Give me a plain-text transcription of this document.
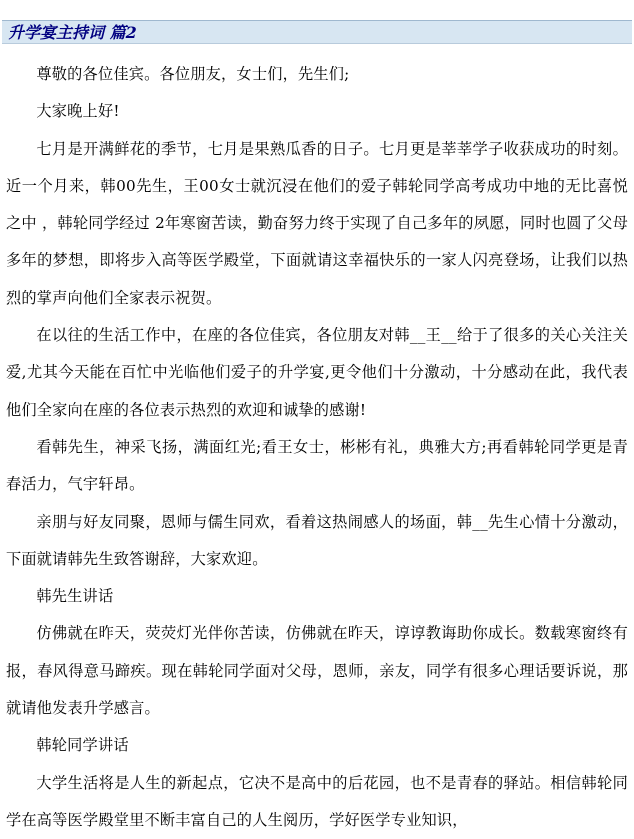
升学宴主持词 篇2

尊敬的各位佳宾。各位朋友，女士们，先生们;

大家晚上好!

七月是开满鲜花的季节，七月是果熟瓜香的日子。七月更是莘莘学子收获成功的时刻。近一个月来，韩00先生，王00女士就沉浸在他们的爱子韩轮同学高考成功中地的无比喜悦之中 ，韩轮同学经过 2年寒窗苦读，勤奋努力终于实现了自己多年的夙愿，同时也圆了父母多年的梦想，即将步入高等医学殿堂，下面就请这幸福快乐的一家人闪亮登场，让我们以热烈的掌声向他们全家表示祝贺。

在以往的生活工作中，在座的各位佳宾，各位朋友对韩__王__给于了很多的关心关注关爱,尤其今天能在百忙中光临他们爱子的升学宴,更令他们十分激动，十分感动在此，我代表他们全家向在座的各位表示热烈的欢迎和诚挚的感谢!

看韩先生，神采飞扬，满面红光;看王女士，彬彬有礼，典雅大方;再看韩轮同学更是青春活力，气宇轩昂。

亲朋与好友同聚，恩师与儒生同欢，看着这热闹感人的场面，韩__先生心情十分激动，下面就请韩先生致答谢辞，大家欢迎。

韩先生讲话

仿佛就在昨天，荧荧灯光伴你苦读，仿佛就在昨天，谆谆教诲助你成长。数载寒窗终有报，春风得意马蹄疾。现在韩轮同学面对父母，恩师，亲友，同学有很多心理话要诉说，那就请他发表升学感言。

韩轮同学讲话

大学生活将是人生的新起点，它决不是高中的后花园，也不是青春的驿站。相信韩轮同学在高等医学殿堂里不断丰富自己的人生阅历，学好医学专业知识，
